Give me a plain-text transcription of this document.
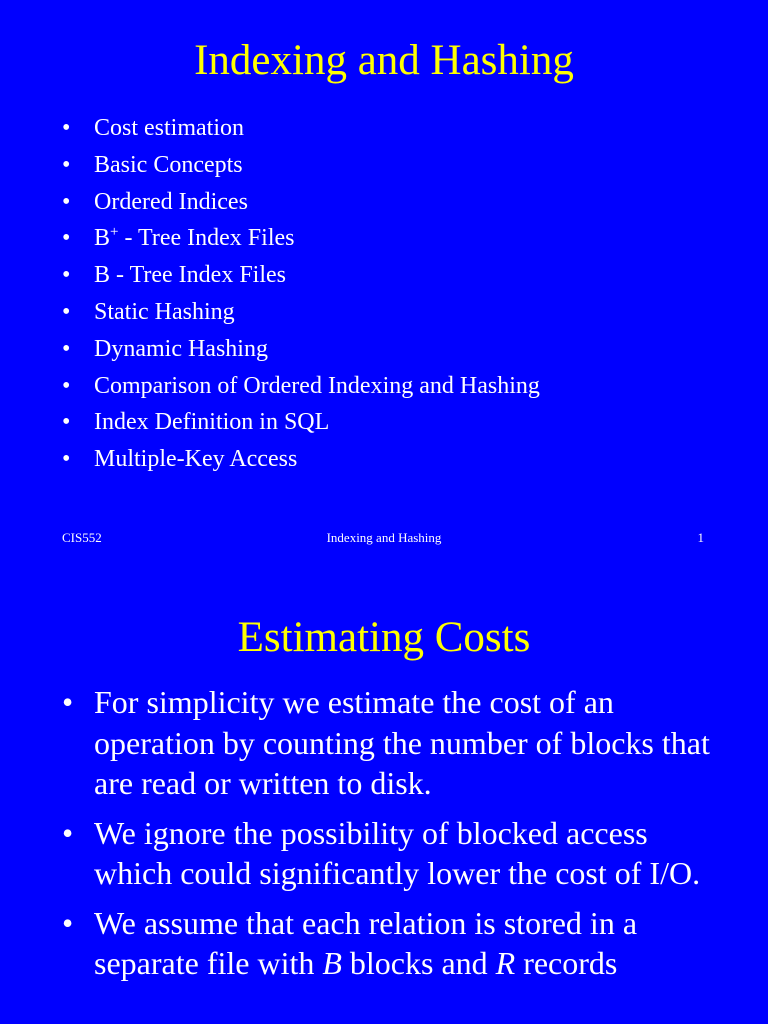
Indexing and Hashing
• Cost estimation
• Basic Concepts
• Ordered Indices
• B+ - Tree Index Files
• B - Tree Index Files
• Static Hashing
• Dynamic Hashing
• Comparison of Ordered Indexing and Hashing
• Index Definition in SQL
• Multiple-Key Access
CIS552	Indexing and Hashing	1
Estimating Costs
• For simplicity we estimate the cost of an operation by counting the number of blocks that are read or written to disk.
• We ignore the possibility of blocked access which could significantly lower the cost of I/O.
• We assume that each relation is stored in a separate file with B blocks and R records
